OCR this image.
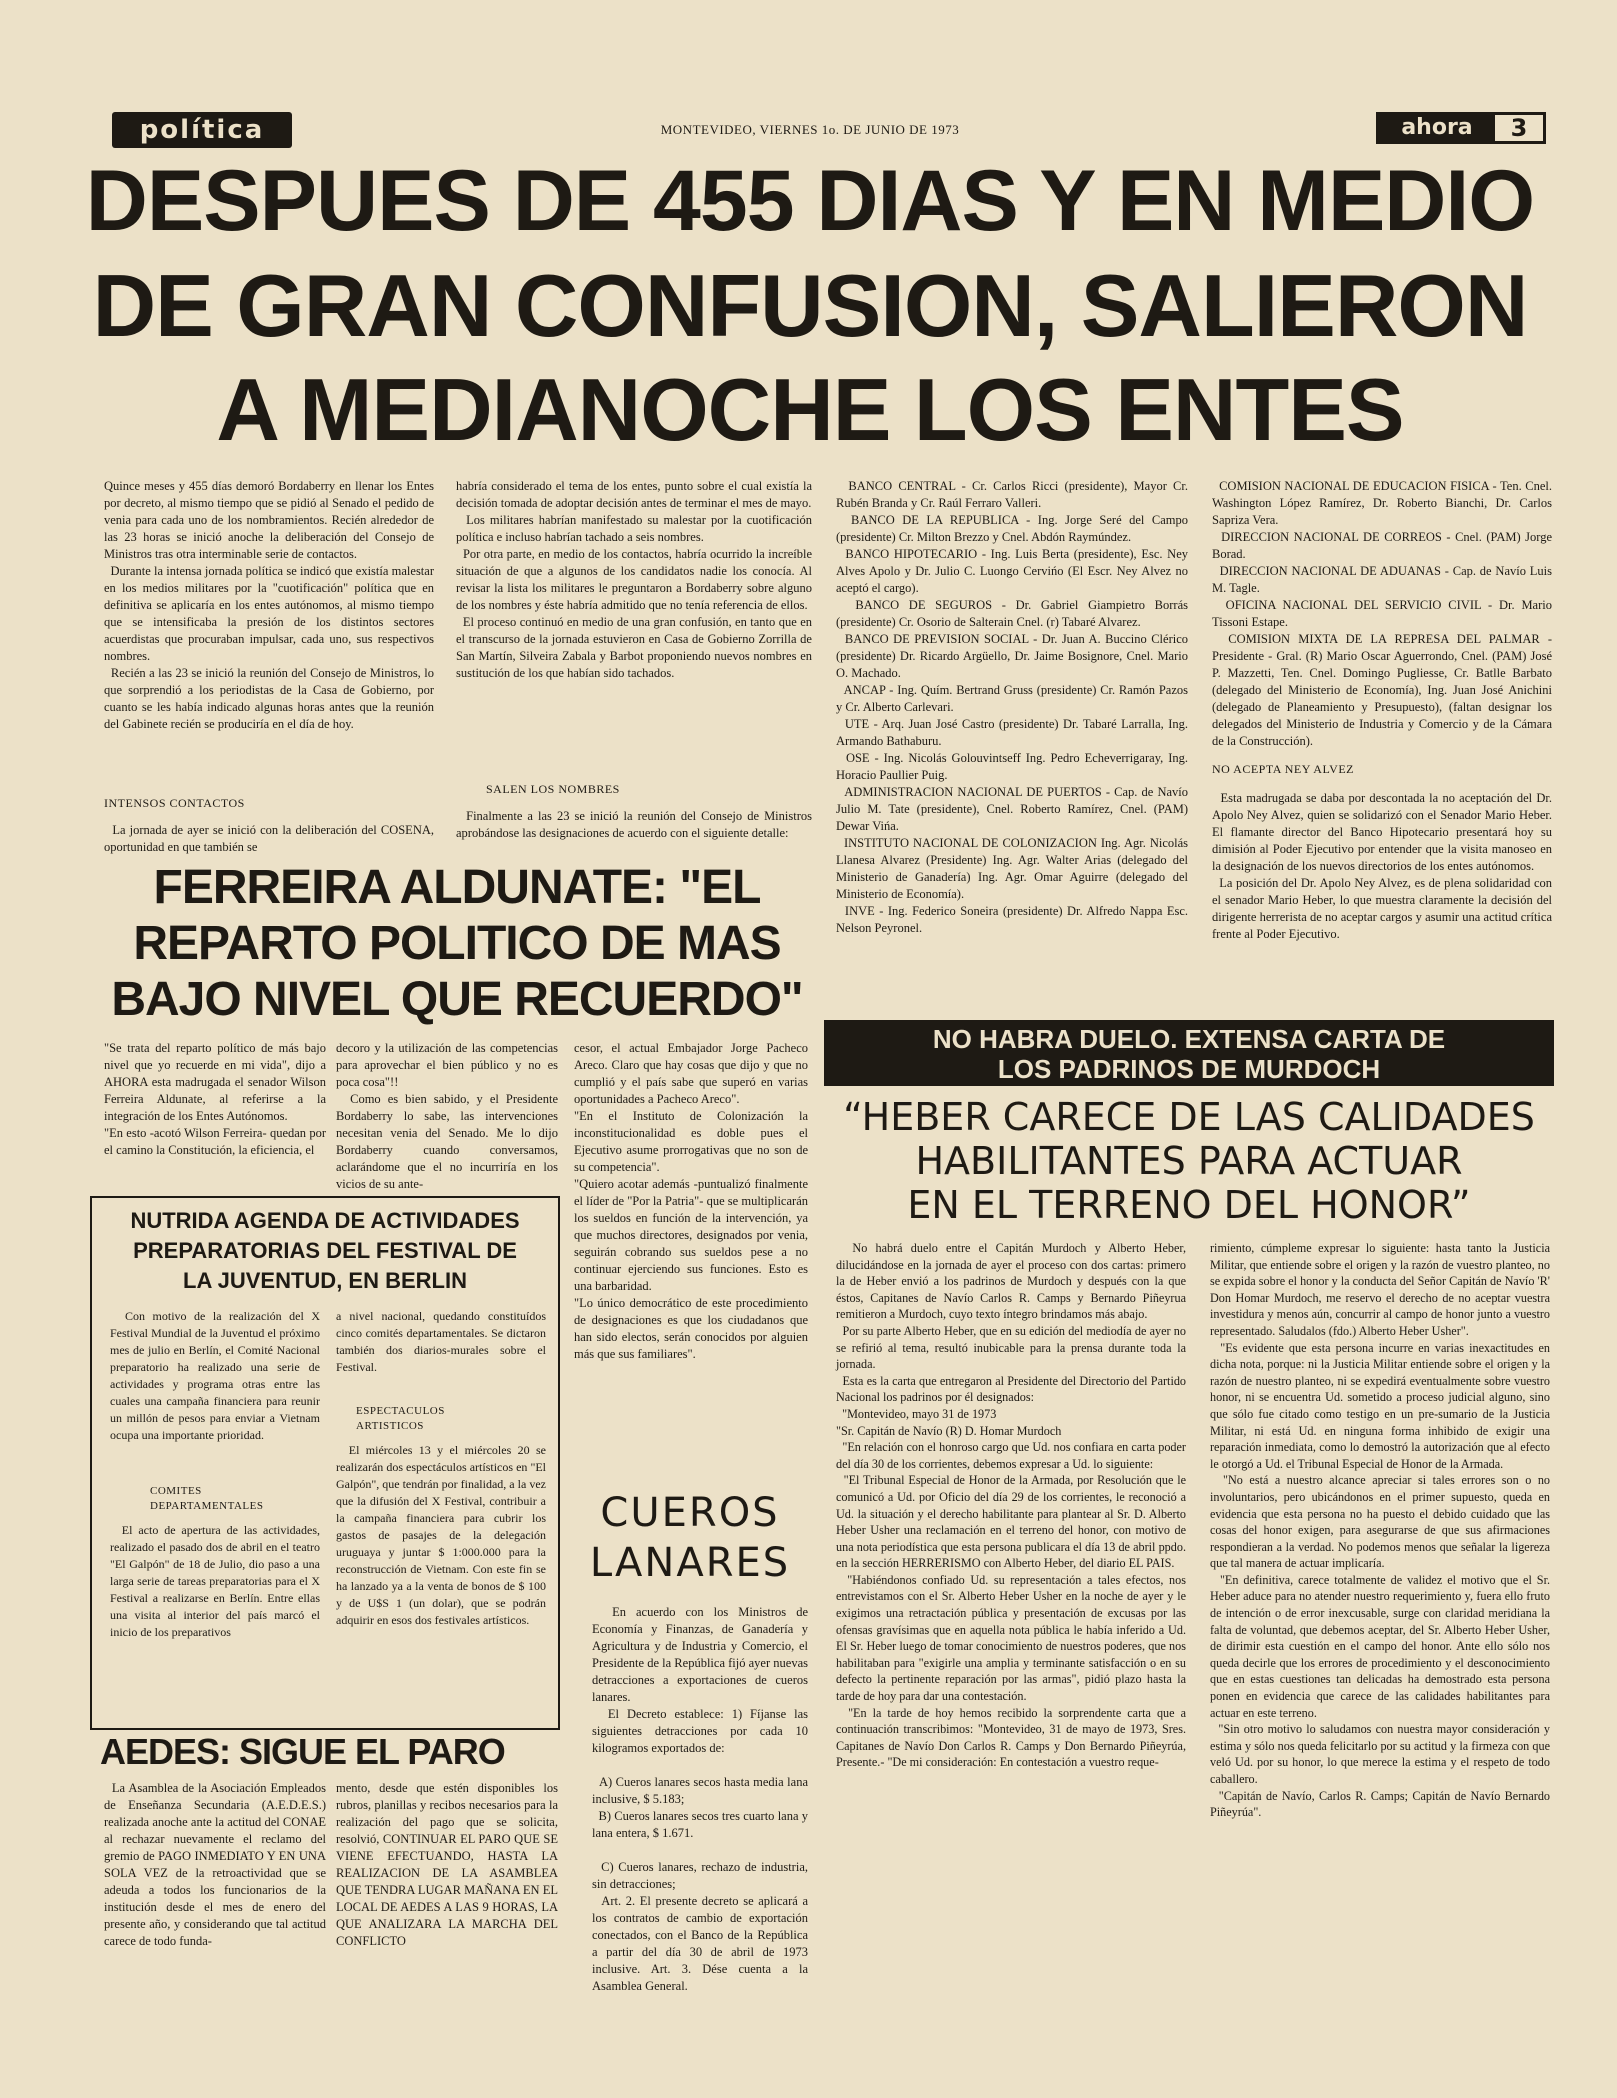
política	MONTEVIDEO, VIERNES 1o. DE JUNIO DE 1973	ahora	3
DESPUES DE 455 DIAS Y EN MEDIO
DE GRAN CONFUSION, SALIERON
A MEDIANOCHE LOS ENTES
Quince meses y 455 días demoró Bordaberry en llenar los Entes por decreto, al mismo tiempo que se pidió al Senado el pedido de venia para cada uno de los nombramientos. Recién alrededor de las 23 horas se inició anoche la deliberación del Consejo de Ministros tras otra interminable serie de contactos.
Durante la intensa jornada política se indicó que existía malestar en los medios militares por la "cuotificación" política que en definitiva se aplicaría en los entes autónomos, al mismo tiempo que se intensificaba la presión de los distintos sectores acuerdistas que procuraban impulsar, cada uno, sus respectivos nombres.
Recién a las 23 se inició la reunión del Consejo de Ministros, lo que sorprendió a los periodistas de la Casa de Gobierno, por cuanto se les había indicado algunas horas antes que la reunión del Gabinete recién se produciría en el día de hoy.
INTENSOS CONTACTOS
La jornada de ayer se inició con la deliberación del COSENA, oportunidad en que también se
habría considerado el tema de los entes, punto sobre el cual existía la decisión tomada de adoptar decisión antes de terminar el mes de mayo.
Los militares habrían manifestado su malestar por la cuotificación política e incluso habrían tachado a seis nombres.
Por otra parte, en medio de los contactos, habría ocurrido la increíble situación de que a algunos de los candidatos nadie los conocía. Al revisar la lista los militares le preguntaron a Bordaberry sobre alguno de los nombres y éste habría admitido que no tenía referencia de ellos.
El proceso continuó en medio de una gran confusión, en tanto que en el transcurso de la jornada estuvieron en Casa de Gobierno Zorrilla de San Martín, Silveira Zabala y Barbot proponiendo nuevos nombres en sustitución de los que habían sido tachados.
SALEN LOS NOMBRES
Finalmente a las 23 se inició la reunión del Consejo de Ministros aprobándose las designaciones de acuerdo con el siguiente detalle:
BANCO CENTRAL - Cr. Carlos Ricci (presidente), Mayor Cr. Rubén Branda y Cr. Raúl Ferraro Valleri.
BANCO DE LA REPUBLICA - Ing. Jorge Seré del Campo (presidente) Cr. Milton Brezzo y Cnel. Abdón Raymúndez.
BANCO HIPOTECARIO - Ing. Luis Berta (presidente), Esc. Ney Alves Apolo y Dr. Julio C. Luongo Cervińo (El Escr. Ney Alvez no aceptó el cargo).
BANCO DE SEGUROS - Dr. Gabriel Giampietro Borrás (presidente) Cr. Osorio de Salterain Cnel. (r) Tabaré Alvarez.
BANCO DE PREVISION SOCIAL - Dr. Juan A. Buccino Clérico (presidente) Dr. Ricardo Argüello, Dr. Jaime Bosignore, Cnel. Mario O. Machado.
ANCAP - Ing. Quím. Bertrand Gruss (presidente) Cr. Ramón Pazos y Cr. Alberto Carlevari.
UTE - Arq. Juan José Castro (presidente) Dr. Tabaré Larralla, Ing. Armando Bathaburu.
OSE - Ing. Nicolás Golouvintseff Ing. Pedro Echeverrigaray, Ing. Horacio Paullier Puig.
ADMINISTRACION NACIONAL DE PUERTOS - Cap. de Navío Julio M. Tate (presidente), Cnel. Roberto Ramírez, Cnel. (PAM) Dewar Vińa.
INSTITUTO NACIONAL DE COLONIZACION Ing. Agr. Nicolás Llanesa Alvarez (Presidente) Ing. Agr. Walter Arias (delegado del Ministerio de Ganadería) Ing. Agr. Omar Aguirre (delegado del Ministerio de Economía).
INVE - Ing. Federico Soneira (presidente) Dr. Alfredo Nappa Esc. Nelson Peyronel.
COMISION NACIONAL DE EDUCACION FISICA - Ten. Cnel. Washington López Ramírez, Dr. Roberto Bianchi, Dr. Carlos Sapriza Vera.
DIRECCION NACIONAL DE CORREOS - Cnel. (PAM) Jorge Borad.
DIRECCION NACIONAL DE ADUANAS - Cap. de Navío Luis M. Tagle.
OFICINA NACIONAL DEL SERVICIO CIVIL - Dr. Mario Tissoni Estape.
COMISION MIXTA DE LA REPRESA DEL PALMAR - Presidente - Gral. (R) Mario Oscar Aguerrondo, Cnel. (PAM) José P. Mazzetti, Ten. Cnel. Domingo Pugliesse, Cr. Batlle Barbato (delegado del Ministerio de Economía), Ing. Juan José Anichini (delegado de Planeamiento y Presupuesto), (faltan designar los delegados del Ministerio de Industria y Comercio y de la Cámara de la Construcción).
NO ACEPTA NEY ALVEZ
Esta madrugada se daba por descontada la no aceptación del Dr. Apolo Ney Alvez, quien se solidarizó con el Senador Mario Heber. El flamante director del Banco Hipotecario presentará hoy su dimisión al Poder Ejecutivo por entender que la visita manoseo en la designación de los nuevos directorios de los entes autónomos.
La posición del Dr. Apolo Ney Alvez, es de plena solidaridad con el senador Mario Heber, lo que muestra claramente la decisión del dirigente herrerista de no aceptar cargos y asumir una actitud crítica frente al Poder Ejecutivo.
FERREIRA ALDUNATE: "EL
REPARTO POLITICO DE MAS
BAJO NIVEL QUE RECUERDO"
"Se trata del reparto político de más bajo nivel que yo recuerde en mi vida", dijo a AHORA esta madrugada el senador Wilson Ferreira Aldunate, al referirse a la integración de los Entes Autónomos.
"En esto -acotó Wilson Ferreira- quedan por el camino la Constitución, la eficiencia, el
decoro y la utilización de las competencias para aprovechar el bien público y no es poca cosa"!!
Como es bien sabido, y el Presidente Bordaberry lo sabe, las intervenciones necesitan venia del Senado. Me lo dijo Bordaberry cuando conversamos, aclarándome que el no incurriría en los vicios de su ante-
cesor, el actual Embajador Jorge Pacheco Areco. Claro que hay cosas que dijo y que no cumplió y el país sabe que superó en varias oportunidades a Pacheco Areco".
"En el Instituto de Colonización la inconstitucionalidad es doble pues el Ejecutivo asume prorrogativas que no son de su competencia".
"Quiero acotar además -puntualizó finalmente el líder de "Por la Patria"- que se multiplicarán los sueldos en función de la intervención, ya que muchos directores, designados por venia, seguirán cobrando sus sueldos pese a no continuar ejerciendo sus funciones. Esto es una barbaridad.
"Lo único democrático de este procedimiento de designaciones es que los ciudadanos que han sido electos, serán conocidos por alguien más que sus familiares".
NUTRIDA AGENDA DE ACTIVIDADES
PREPARATORIAS DEL FESTIVAL DE
LA JUVENTUD, EN BERLIN
Con motivo de la realización del X Festival Mundial de la Juventud el próximo mes de julio en Berlín, el Comité Nacional preparatorio ha realizado una serie de actividades y programa otras entre las cuales una campaña financiera para reunir un millón de pesos para enviar a Vietnam ocupa una importante prioridad.
COMITES DEPARTAMENTALES
El acto de apertura de las actividades, realizado el pasado dos de abril en el teatro "El Galpón" de 18 de Julio, dio paso a una larga serie de tareas preparatorias para el X Festival a realizarse en Berlín. Entre ellas una visita al interior del país marcó el inicio de los preparativos
a nivel nacional, quedando constituídos cinco comités departamentales. Se dictaron también dos diarios-murales sobre el Festival.
ESPECTACULOS ARTISTICOS
El miércoles 13 y el miércoles 20 se realizarán dos espectáculos artísticos en "El Galpón", que tendrán por finalidad, a la vez que la difusión del X Festival, contribuir a la campaña financiera para cubrir los gastos de pasajes de la delegación uruguaya y juntar $ 1:000.000 para la reconstrucción de Vietnam. Con este fin se ha lanzado ya a la venta de bonos de $ 100 y de U$S 1 (un dolar), que se podrán adquirir en esos dos festivales artísticos.
AEDES: SIGUE EL PARO
La Asamblea de la Asociación Empleados de Enseñanza Secundaria (A.E.D.E.S.) realizada anoche ante la actitud del CONAE al rechazar nuevamente el reclamo del gremio de PAGO INMEDIATO Y EN UNA SOLA VEZ de la retroactividad que se adeuda a todos los funcionarios de la institución desde el mes de enero del presente año, y considerando que tal actitud carece de todo funda-
mento, desde que estén disponibles los rubros, planillas y recibos necesarios para la realización del pago que se solicita, resolvió, CONTINUAR EL PARO QUE SE VIENE EFECTUANDO, HASTA LA REALIZACION DE LA ASAMBLEA QUE TENDRA LUGAR MAÑANA EN EL LOCAL DE AEDES A LAS 9 HORAS, LA QUE ANALIZARA LA MARCHA DEL CONFLICTO
CUEROS
LANARES
En acuerdo con los Ministros de Economía y Finanzas, de Ganadería y Agricultura y de Industria y Comercio, el Presidente de la República fijó ayer nuevas detracciones a exportaciones de cueros lanares.
El Decreto establece: 1) Fíjanse las siguientes detracciones por cada 10 kilogramos exportados de:

A) Cueros lanares secos hasta media lana inclusive, $ 5.183;
B) Cueros lanares secos tres cuarto lana y lana entera, $ 1.671.

C) Cueros lanares, rechazo de industria, sin detracciones;
Art. 2. El presente decreto se aplicará a los contratos de cambio de exportación conectados, con el Banco de la República a partir del día 30 de abril de 1973 inclusive. Art. 3. Dése cuenta a la Asamblea General.
NO HABRA DUELO. EXTENSA CARTA DE
LOS PADRINOS DE MURDOCH
“HEBER CARECE DE LAS CALIDADES
HABILITANTES PARA ACTUAR
EN EL TERRENO DEL HONOR”
No habrá duelo entre el Capitán Murdoch y Alberto Heber, dilucidándose en la jornada de ayer el proceso con dos cartas: primero la de Heber envió a los padrinos de Murdoch y después con la que éstos, Capitanes de Navío Carlos R. Camps y Bernardo Piñeyrua remitieron a Murdoch, cuyo texto íntegro brindamos más abajo.
Por su parte Alberto Heber, que en su edición del mediodía de ayer no se refirió al tema, resultó inubicable para la prensa durante toda la jornada.
Esta es la carta que entregaron al Presidente del Directorio del Partido Nacional los padrinos por él designados:
"Montevideo, mayo 31 de 1973
"Sr. Capitán de Navío (R) D. Homar Murdoch
"En relación con el honroso cargo que Ud. nos confiara en carta poder del día 30 de los corrientes, debemos expresar a Ud. lo siguiente:
"El Tribunal Especial de Honor de la Armada, por Resolución que le comunicó a Ud. por Oficio del día 29 de los corrientes, le reconoció a Ud. la situación y el derecho habilitante para plantear al Sr. D. Alberto Heber Usher una reclamación en el terreno del honor, con motivo de una nota periodística que esta persona publicara el día 13 de abril ppdo. en la sección HERRERISMO con Alberto Heber, del diario EL PAIS.
"Habiéndonos confiado Ud. su representación a tales efectos, nos entrevistamos con el Sr. Alberto Heber Usher en la noche de ayer y le exigimos una retractación pública y presentación de excusas por las ofensas gravísimas que en aquella nota pública le había inferido a Ud. El Sr. Heber luego de tomar conocimiento de nuestros poderes, que nos habilitaban para "exigirle una amplia y terminante satisfacción o en su defecto la pertinente reparación por las armas", pidió plazo hasta la tarde de hoy para dar una contestación.
"En la tarde de hoy hemos recibido la sorprendente carta que a continuación transcribimos: "Montevideo, 31 de mayo de 1973, Sres. Capitanes de Navío Don Carlos R. Camps y Don Bernardo Piñeyrúa, Presente.- "De mi consideración: En contestación a vuestro reque-
rimiento, cúmpleme expresar lo siguiente: hasta tanto la Justicia Militar, que entiende sobre el origen y la razón de vuestro planteo, no se expida sobre el honor y la conducta del Señor Capitán de Navío 'R' Don Homar Murdoch, me reservo el derecho de no aceptar vuestra investidura y menos aún, concurrir al campo de honor junto a vuestro representado. Saludalos (fdo.) Alberto Heber Usher".
"Es evidente que esta persona incurre en varias inexactitudes en dicha nota, porque: ni la Justicia Militar entiende sobre el origen y la razón de nuestro planteo, ni se expedirá eventualmente sobre vuestro honor, ni se encuentra Ud. sometido a proceso judicial alguno, sino que sólo fue citado como testigo en un pre-sumario de la Justicia Militar, ni está Ud. en ninguna forma inhibido de exigir una reparación inmediata, como lo demostró la autorización que al efecto le otorgó a Ud. el Tribunal Especial de Honor de la Armada.
"No está a nuestro alcance apreciar si tales errores son o no involuntarios, pero ubicándonos en el primer supuesto, queda en evidencia que esta persona no ha puesto el debido cuidado que las cosas del honor exigen, para asegurarse de que sus afirmaciones respondieran a la verdad. No podemos menos que señalar la ligereza que tal manera de actuar implicaría.
"En definitiva, carece totalmente de validez el motivo que el Sr. Heber aduce para no atender nuestro requerimiento y, fuera ello fruto de intención o de error inexcusable, surge con claridad meridiana la falta de voluntad, que debemos aceptar, del Sr. Alberto Heber Usher, de dirimir esta cuestión en el campo del honor. Ante ello sólo nos queda decirle que los errores de procedimiento y el desconocimiento que en estas cuestiones tan delicadas ha demostrado esta persona ponen en evidencia que carece de las calidades habilitantes para actuar en este terreno.
"Sin otro motivo lo saludamos con nuestra mayor consideración y estima y sólo nos queda felicitarlo por su actitud y la firmeza con que veló Ud. por su honor, lo que merece la estima y el respeto de todo caballero.
"Capitán de Navío, Carlos R. Camps; Capitán de Navío Bernardo Piñeyrúa".
